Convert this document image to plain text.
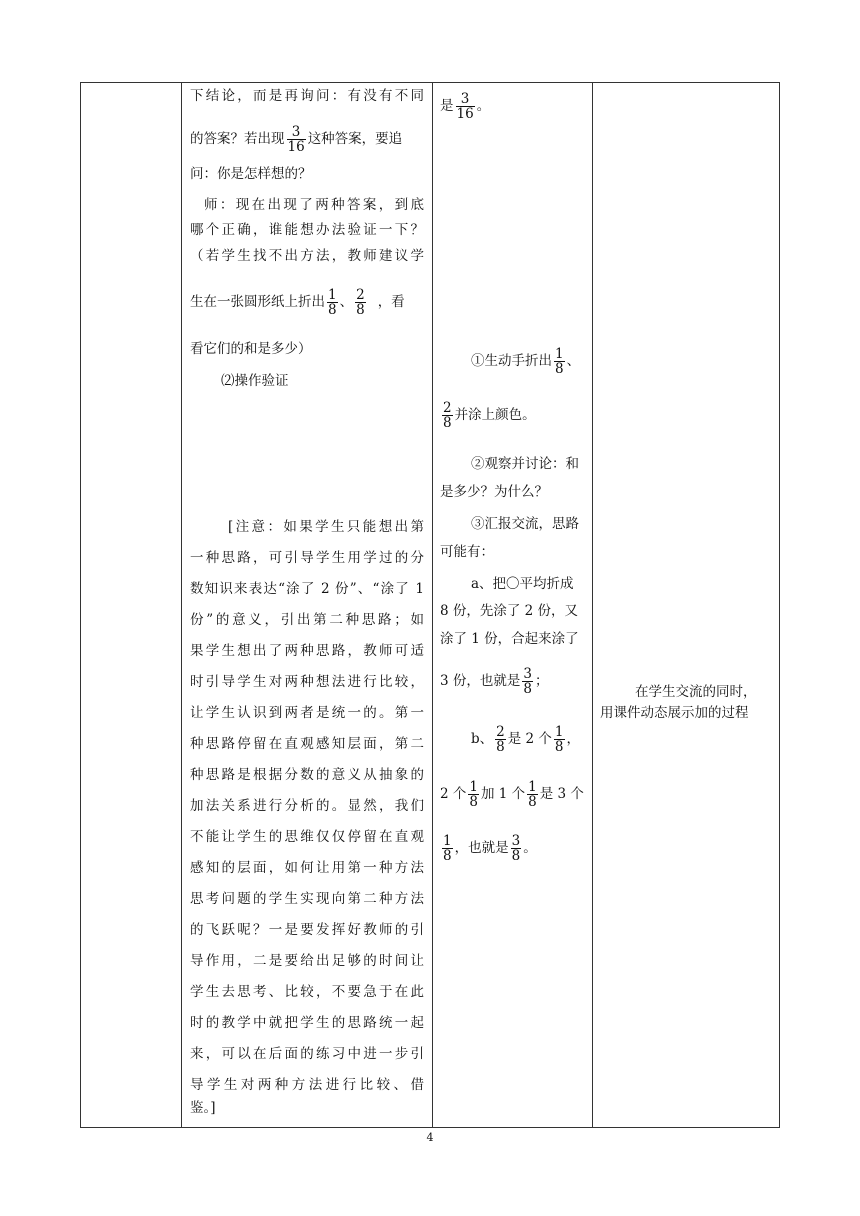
下结论，而是再询问：有没有不同
的答案？若出现 $\frac{3}{16}$ 这种答案，要追
问：你是怎样想的？
师：现在出现了两种答案，到底
哪个正确，谁能想办法验证一下？
（若学生找不出方法，教师建议学
生在一张圆形纸上折出 $\frac{1}{8}$ 、 $\frac{2}{8}$ ，看
看它们的和是多少）
⑵操作验证
[注意：如果学生只能想出第
一种思路，可引导学生用学过的分
数知识来表达“涂了 2 份”、“涂了 1
份”的意义，引出第二种思路；如
果学生想出了两种思路，教师可适
时引导学生对两种想法进行比较，
让学生认识到两者是统一的。第一
种思路停留在直观感知层面，第二
种思路是根据分数的意义从抽象的
加法关系进行分析的。显然，我们
不能让学生的思维仅仅停留在直观
感知的层面，如何让用第一种方法
思考问题的学生实现向第二种方法
的飞跃呢？一是要发挥好教师的引
导作用，二是要给出足够的时间让
学生去思考、比较，不要急于在此
时的教学中就把学生的思路统一起
来，可以在后面的练习中进一步引
导学生对两种方法进行比较、借
鉴。]
是 $\frac{3}{16}$ 。
①生动手折出 $\frac{1}{8}$ 、
$\frac{2}{8}$ 并涂上颜色。
②观察并讨论：和
是多少？为什么？
③汇报交流，思路
可能有：
a、把〇平均折成
8 份，先涂了 2 份，又
涂了 1 份，合起来涂了
3 份，也就是 $\frac{3}{8}$ ；
b、 $\frac{2}{8}$ 是 2 个 $\frac{1}{8}$ ，
2 个 $\frac{1}{8}$ 加 1 个 $\frac{1}{8}$ 是 3 个
$\frac{1}{8}$ ，也就是 $\frac{3}{8}$ 。
在学生交流的同时，
用课件动态展示加的过程
4
